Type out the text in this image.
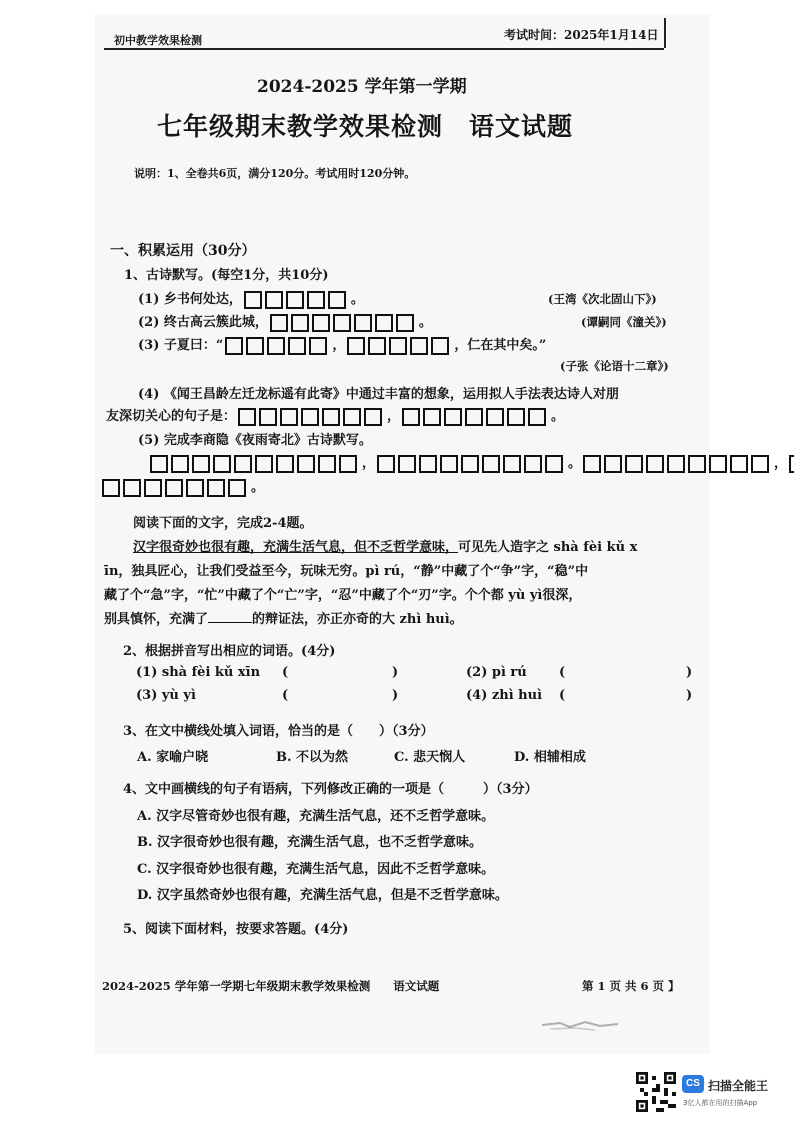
初中教学效果检测	考试时间：2025年1月14日
2024-2025 学年第一学期
七年级期末教学效果检测　语文试题
说明：1、全卷共6页，满分120分。考试用时120分钟。
一、积累运用（30分）
1、古诗默写。(每空1分，共10分)
(1) 乡书何处达，	。	(王湾《次北固山下》)
(2) 终古高云簇此城，	。	(谭嗣同《潼关》)
(3) 子夏曰：“	，	，仁在其中矣。”
(子张《论语十二章》)
(4) 《闻王昌龄左迁龙标遥有此寄》中通过丰富的想象，运用拟人手法表达诗人对朋
友深切关心的句子是：	，	。
(5) 完成李商隐《夜雨寄北》古诗默写。
，	。	，
。
阅读下面的文字，完成2-4题。
汉字很奇妙也很有趣，充满生活气息，但不乏哲学意味，可见先人造字之 shà fèi kǔ x
īn，独具匠心，让我们受益至今，玩味无穷。pì rú，“静”中藏了个“争”字，“稳”中
藏了个“急”字，“忙”中藏了个“亡”字，“忍”中藏了个“刃”字。个个都 yù yì很深，
别具慎怀，充满了	的辩证法，亦正亦奇的大 zhì huì。
2、根据拼音写出相应的词语。(4分)
(1) shà fèi kǔ xīn (	)	(2) pì rú (	)
(3) yù yì	(	)	(4) zhì huì (	)
3、在文中横线处填入词语，恰当的是（　　）（3分）
A. 家喻户晓	B. 不以为然	C. 悲天悯人	D. 相辅相成
4、文中画横线的句子有语病，下列修改正确的一项是（　　　）（3分）
A. 汉字尽管奇妙也很有趣，充满生活气息，还不乏哲学意味。
B. 汉字很奇妙也很有趣，充满生活气息，也不乏哲学意味。
C. 汉字很奇妙也很有趣，充满生活气息，因此不乏哲学意味。
D. 汉字虽然奇妙也很有趣，充满生活气息，但是不乏哲学意味。
5、阅读下面材料，按要求答题。(4分)
2024-2025 学年第一学期七年级期末教学效果检测　　语文试题	第 1 页 共 6 页 】
CS 扫描全能王
3亿人都在用的扫描App
